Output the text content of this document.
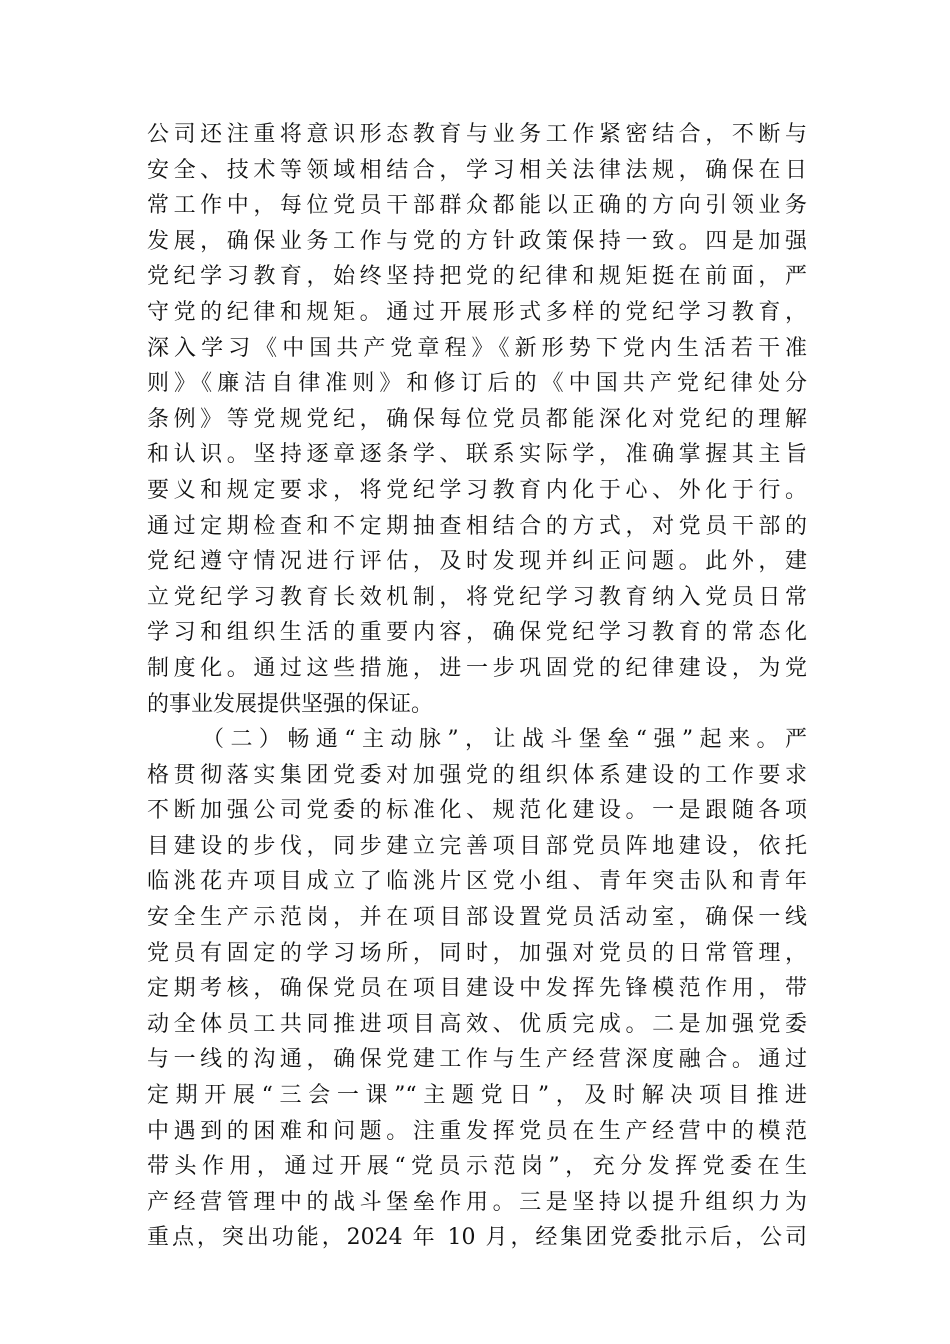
公司还注重将意识形态教育与业务工作紧密结合，不断与
安全、技术等领域相结合，学习相关法律法规，确保在日
常工作中，每位党员干部群众都能以正确的方向引领业务
发展，确保业务工作与党的方针政策保持一致。四是加强
党纪学习教育，始终坚持把党的纪律和规矩挺在前面，严
守党的纪律和规矩。通过开展形式多样的党纪学习教育，
深入学习《中国共产党章程》《新形势下党内生活若干准
则》《廉洁自律准则》和修订后的《中国共产党纪律处分
条例》等党规党纪，确保每位党员都能深化对党纪的理解
和认识。坚持逐章逐条学、联系实际学，准确掌握其主旨
要义和规定要求，将党纪学习教育内化于心、外化于行。
通过定期检查和不定期抽查相结合的方式，对党员干部的
党纪遵守情况进行评估，及时发现并纠正问题。此外，建
立党纪学习教育长效机制，将党纪学习教育纳入党员日常
学习和组织生活的重要内容，确保党纪学习教育的常态化
制度化。通过这些措施，进一步巩固党的纪律建设，为党
的事业发展提供坚强的保证。
（二）畅通“主动脉”，让战斗堡垒“强”起来。严
格贯彻落实集团党委对加强党的组织体系建设的工作要求
不断加强公司党委的标准化、规范化建设。一是跟随各项
目建设的步伐，同步建立完善项目部党员阵地建设，依托
临洮花卉项目成立了临洮片区党小组、青年突击队和青年
安全生产示范岗，并在项目部设置党员活动室，确保一线
党员有固定的学习场所，同时，加强对党员的日常管理，
定期考核，确保党员在项目建设中发挥先锋模范作用，带
动全体员工共同推进项目高效、优质完成。二是加强党委
与一线的沟通，确保党建工作与生产经营深度融合。通过
定期开展“三会一课”“主题党日”，及时解决项目推进
中遇到的困难和问题。注重发挥党员在生产经营中的模范
带头作用，通过开展“党员示范岗”，充分发挥党委在生
产经营管理中的战斗堡垒作用。三是坚持以提升组织力为
重点，突出功能，2024 年 10 月，经集团党委批示后，公司
